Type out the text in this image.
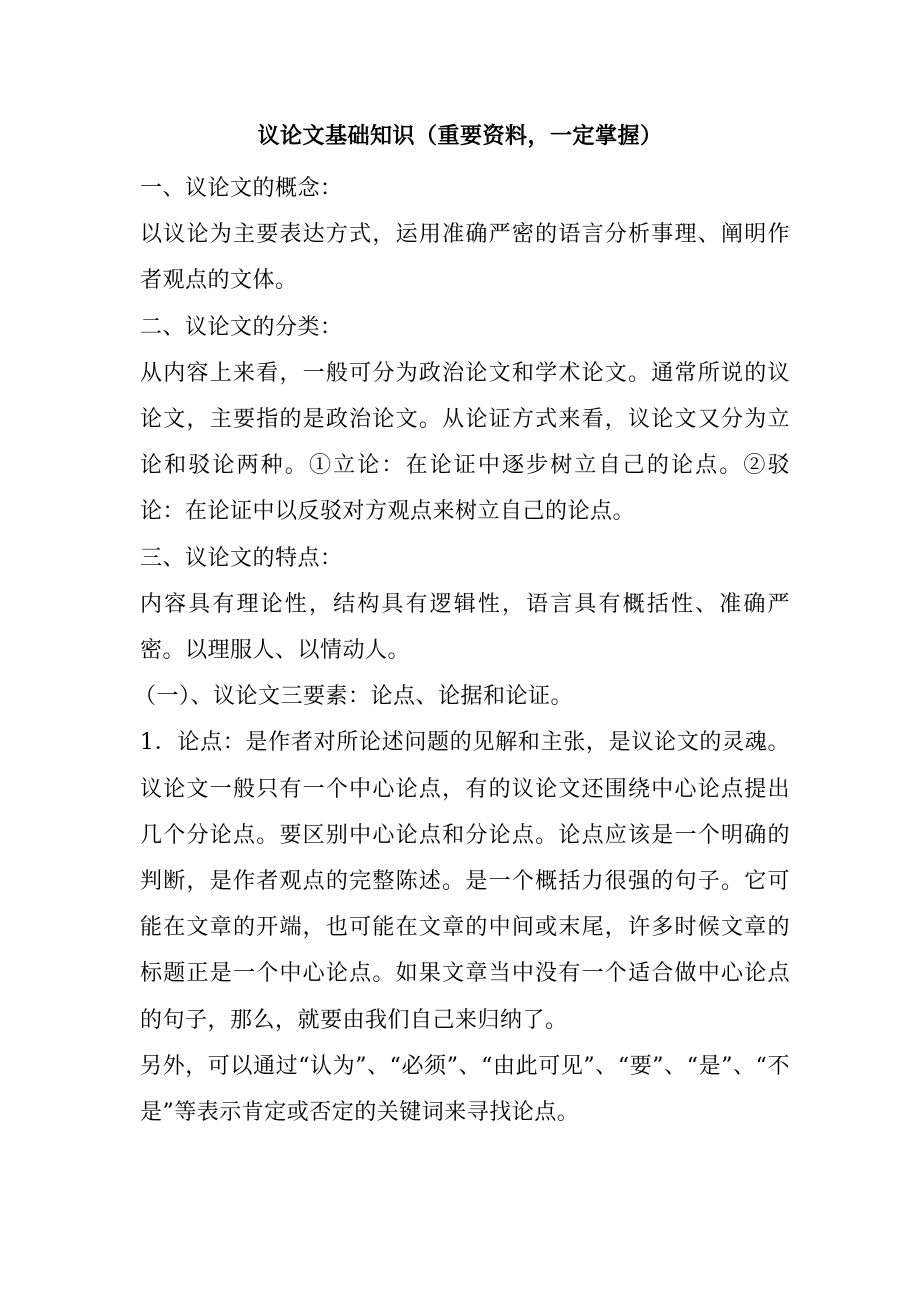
议论文基础知识（重要资料，一定掌握）

一、议论文的概念：

以议论为主要表达方式，运用准确严密的语言分析事理、阐明作者观点的文体。

二、议论文的分类：

从内容上来看，一般可分为政治论文和学术论文。通常所说的议论文，主要指的是政治论文。从论证方式来看，议论文又分为立论和驳论两种。①立论：在论证中逐步树立自己的论点。②驳论：在论证中以反驳对方观点来树立自己的论点。

三、议论文的特点：

内容具有理论性，结构具有逻辑性，语言具有概括性、准确严密。以理服人、以情动人。

（一）、议论文三要素：论点、论据和论证。

1．论点：是作者对所论述问题的见解和主张，是议论文的灵魂。议论文一般只有一个中心论点，有的议论文还围绕中心论点提出几个分论点。要区别中心论点和分论点。论点应该是一个明确的判断，是作者观点的完整陈述。是一个概括力很强的句子。它可能在文章的开端，也可能在文章的中间或末尾，许多时候文章的标题正是一个中心论点。如果文章当中没有一个适合做中心论点的句子，那么，就要由我们自己来归纳了。

另外，可以通过“认为”、“必须”、“由此可见”、“要”、“是”、“不是”等表示肯定或否定的关键词来寻找论点。
